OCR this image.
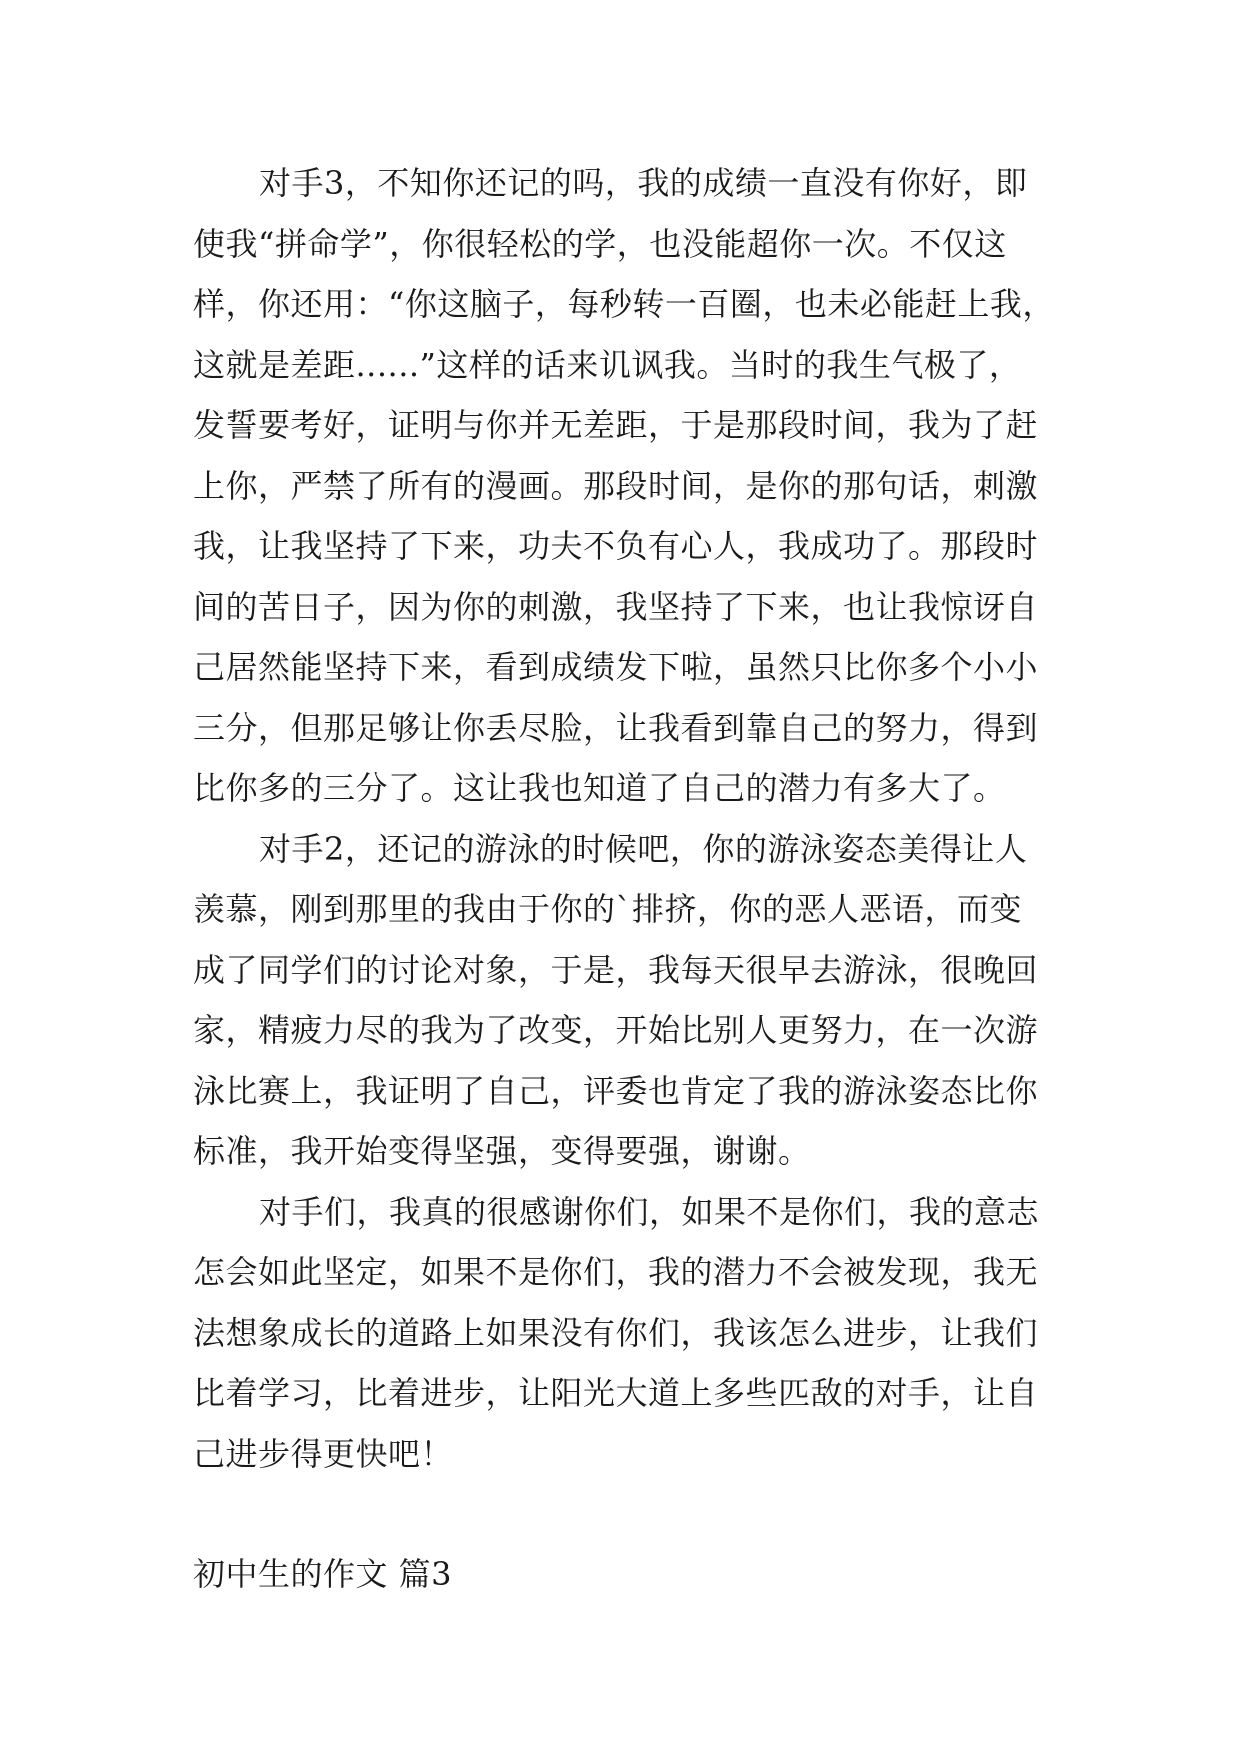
对手3，不知你还记的吗，我的成绩一直没有你好，即
使我“拼命学”，你很轻松的学，也没能超你一次。不仅这
样，你还用：“你这脑子，每秒转一百圈，也未必能赶上我，
这就是差距......”这样的话来讥讽我。当时的我生气极了，
发誓要考好，证明与你并无差距，于是那段时间，我为了赶
上你，严禁了所有的漫画。那段时间，是你的那句话，刺激
我，让我坚持了下来，功夫不负有心人，我成功了。那段时
间的苦日子，因为你的刺激，我坚持了下来，也让我惊讶自
己居然能坚持下来，看到成绩发下啦，虽然只比你多个小小
三分，但那足够让你丢尽脸，让我看到靠自己的努力，得到
比你多的三分了。这让我也知道了自己的潜力有多大了。
对手2，还记的游泳的时候吧，你的游泳姿态美得让人
羡慕，刚到那里的我由于你的`排挤，你的恶人恶语，而变
成了同学们的讨论对象，于是，我每天很早去游泳，很晚回
家，精疲力尽的我为了改变，开始比别人更努力，在一次游
泳比赛上，我证明了自己，评委也肯定了我的游泳姿态比你
标准，我开始变得坚强，变得要强，谢谢。
对手们，我真的很感谢你们，如果不是你们，我的意志
怎会如此坚定，如果不是你们，我的潜力不会被发现，我无
法想象成长的道路上如果没有你们，我该怎么进步，让我们
比着学习，比着进步，让阳光大道上多些匹敌的对手，让自
己进步得更快吧！
初中生的作文 篇3
